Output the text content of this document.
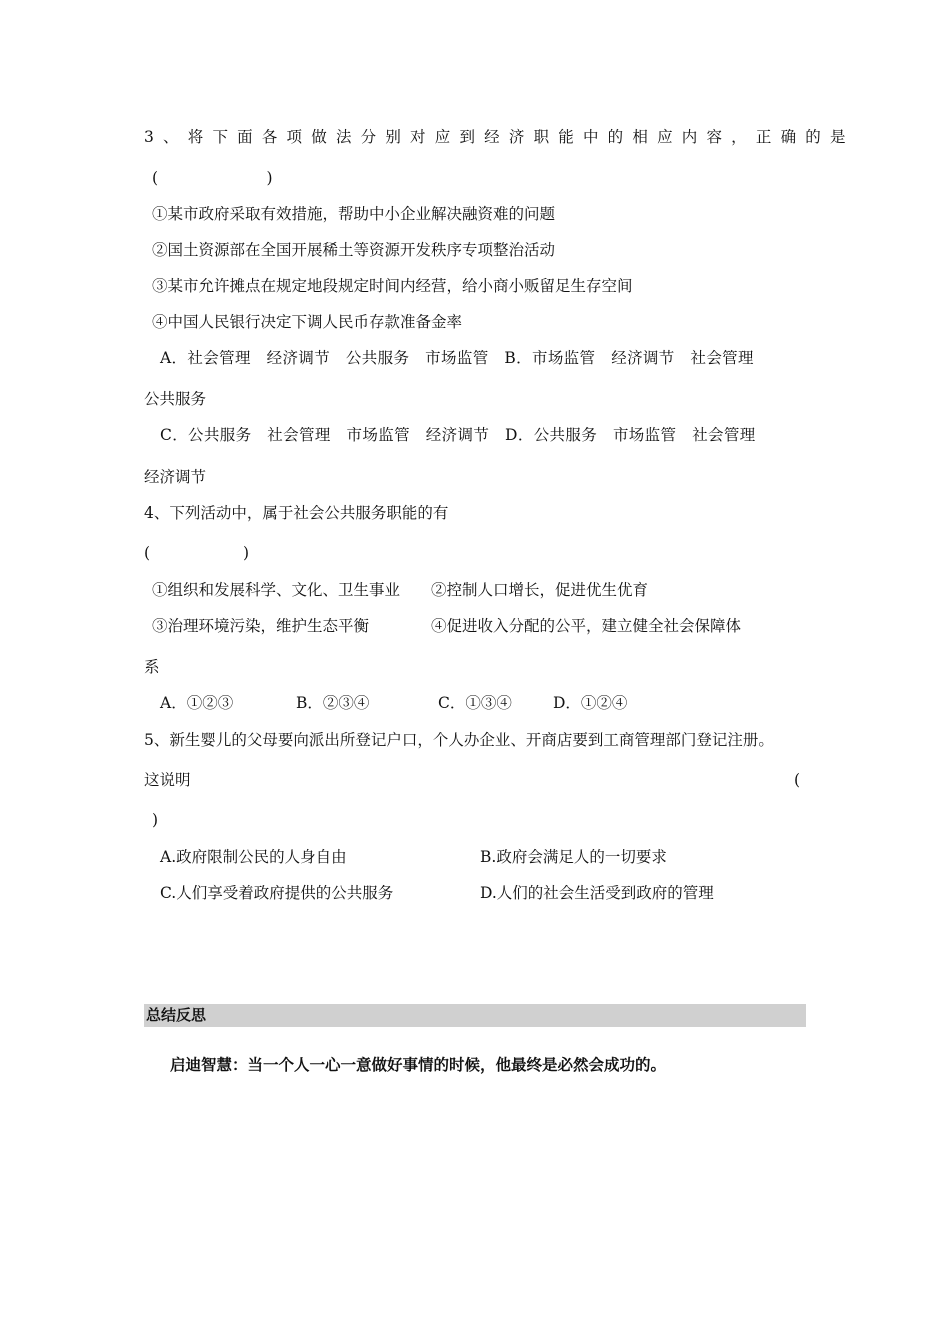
3、将下面各项做法分别对应到经济职能中的相应内容，正确的是
(　　　　　　　)
①某市政府采取有效措施，帮助中小企业解决融资难的问题
②国土资源部在全国开展稀土等资源开发秩序专项整治活动
③某市允许摊点在规定地段规定时间内经营，给小商小贩留足生存空间
④中国人民银行决定下调人民币存款准备金率
A．社会管理　经济调节　公共服务　市场监管　B．市场监管　经济调节　社会管理
公共服务
C．公共服务　社会管理　市场监管　经济调节　D．公共服务　市场监管　社会管理
经济调节
4、下列活动中，属于社会公共服务职能的有
(　　　　　　)
①组织和发展科学、文化、卫生事业　　②控制人口增长，促进优生优育
③治理环境污染，维护生态平衡　　　　④促进收入分配的公平，建立健全社会保障体
系
A．①②③	B．②③④	C．①③④	D．①②④
5、新生婴儿的父母要向派出所登记户口，个人办企业、开商店要到工商管理部门登记注册。
这说明	(
)
A.政府限制公民的人身自由	B.政府会满足人的一切要求
C.人们享受着政府提供的公共服务	D.人们的社会生活受到政府的管理
总结反思
启迪智慧：当一个人一心一意做好事情的时候，他最终是必然会成功的。
